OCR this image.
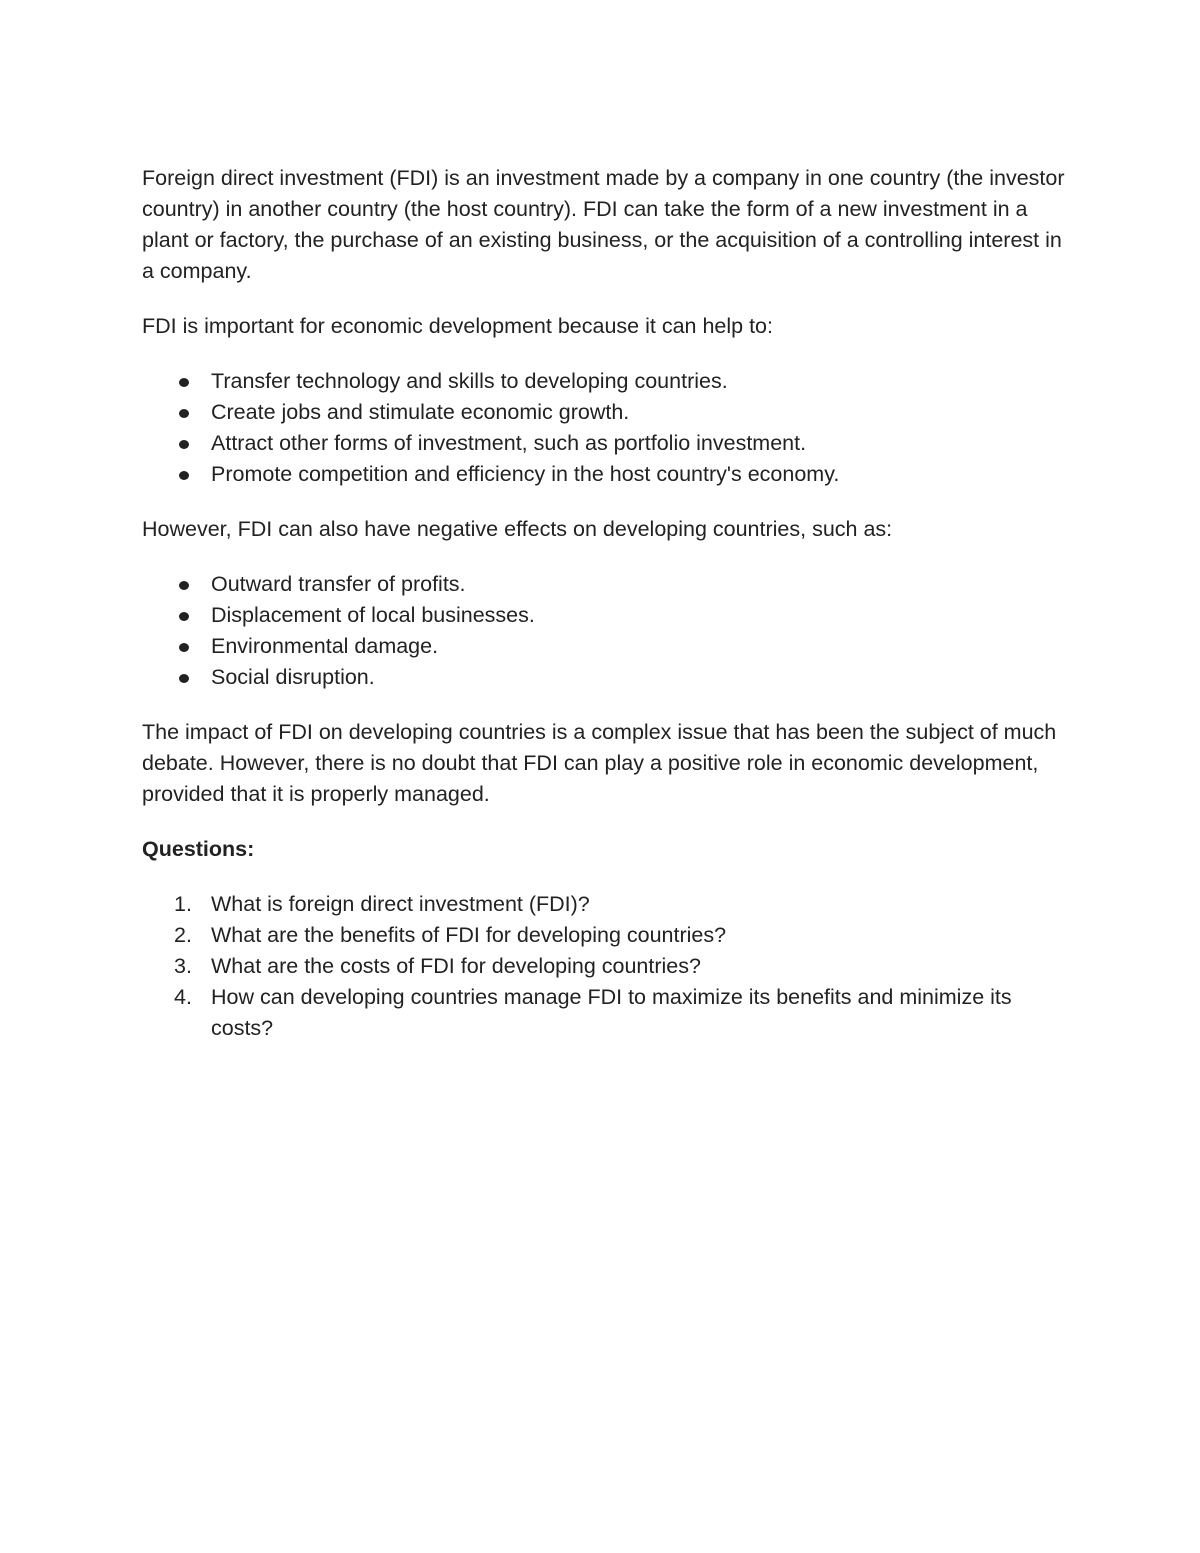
Foreign direct investment (FDI) is an investment made by a company in one country (the investor country) in another country (the host country). FDI can take the form of a new investment in a plant or factory, the purchase of an existing business, or the acquisition of a controlling interest in a company.

FDI is important for economic development because it can help to:

Transfer technology and skills to developing countries.
Create jobs and stimulate economic growth.
Attract other forms of investment, such as portfolio investment.
Promote competition and efficiency in the host country's economy.

However, FDI can also have negative effects on developing countries, such as:

Outward transfer of profits.
Displacement of local businesses.
Environmental damage.
Social disruption.

The impact of FDI on developing countries is a complex issue that has been the subject of much debate. However, there is no doubt that FDI can play a positive role in economic development, provided that it is properly managed.

Questions:

1. What is foreign direct investment (FDI)?
2. What are the benefits of FDI for developing countries?
3. What are the costs of FDI for developing countries?
4. How can developing countries manage FDI to maximize its benefits and minimize its costs?
